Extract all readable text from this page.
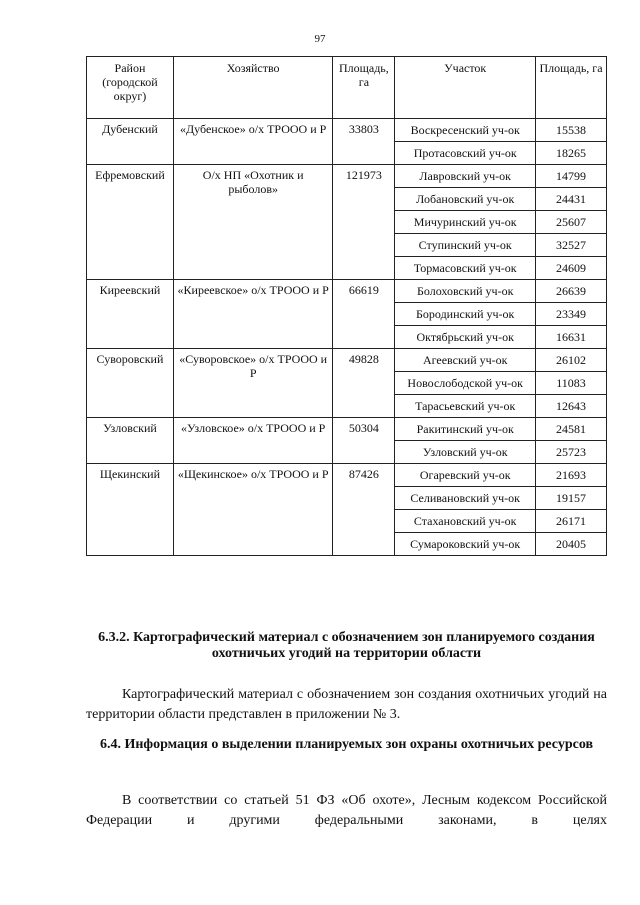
97
Район (городской округ)	Хозяйство	Площадь, га	Участок	Площадь, га
Дубенский	«Дубенское» о/х ТРООО и Р	33803	Воскресенский уч-ок	15538
			Протасовский уч-ок	18265
Ефремовский	О/х НП «Охотник и рыболов»	121973	Лавровский уч-ок	14799
			Лобановский уч-ок	24431
			Мичуринский уч-ок	25607
			Ступинский уч-ок	32527
			Тормасовский уч-ок	24609
Киреевский	«Киреевское» о/х ТРООО и Р	66619	Болоховский уч-ок	26639
			Бородинский уч-ок	23349
			Октябрьский уч-ок	16631
Суворовский	«Суворовское» о/х ТРООО и Р	49828	Агеевский уч-ок	26102
			Новослободской уч-ок	11083
			Тарасьевский уч-ок	12643
Узловский	«Узловское» о/х ТРООО и Р	50304	Ракитинский уч-ок	24581
			Узловский уч-ок	25723
Щекинский	«Щекинское» о/х ТРООО и Р	87426	Огаревский уч-ок	21693
			Селивановский уч-ок	19157
			Стахановский уч-ок	26171
			Сумароковский уч-ок	20405
6.3.2. Картографический материал с обозначением зон планируемого создания охотничьих угодий на территории области
Картографический материал с обозначением зон создания охотничьих угодий на территории области представлен в приложении № 3.
6.4. Информация о выделении планируемых зон охраны охотничьих ресурсов
В соответствии со статьей 51 ФЗ «Об охоте», Лесным кодексом Российской Федерации и другими федеральными законами, в целях
